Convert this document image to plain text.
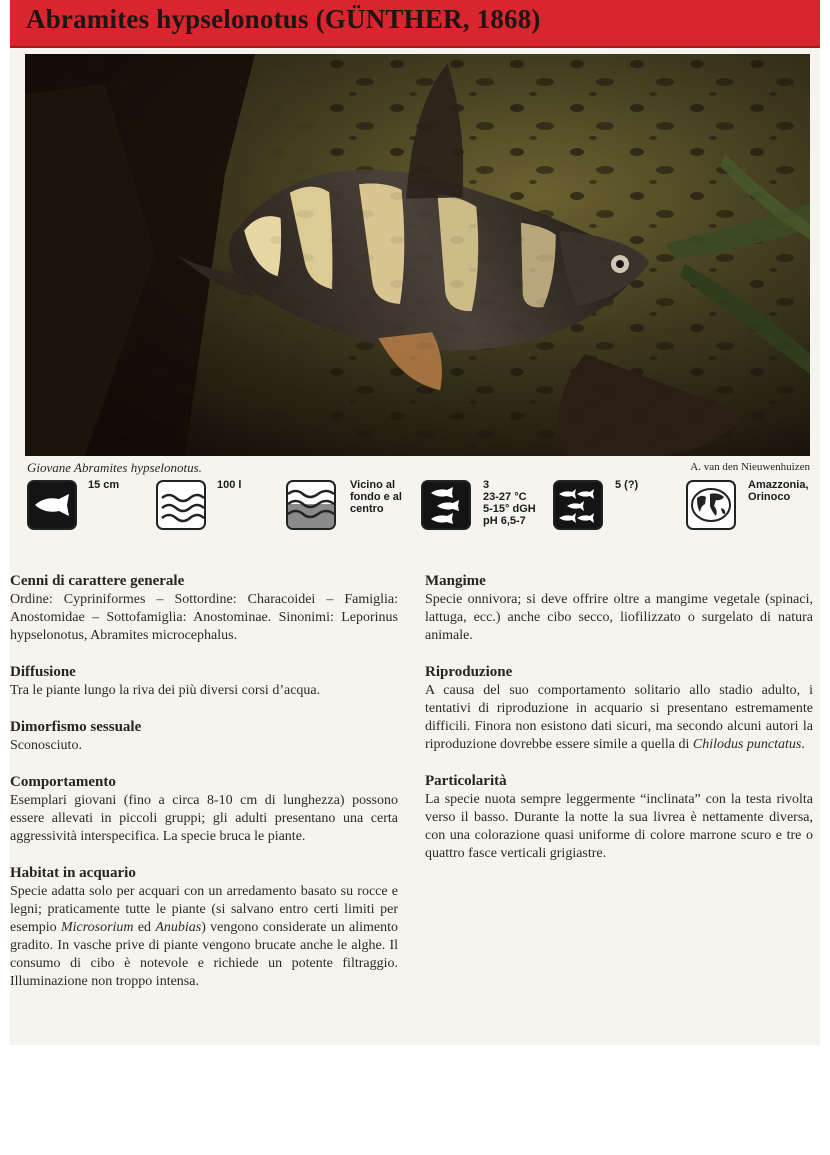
Abramites hypselonotus (GÜNTHER, 1868)
Giovane Abramites hypselonotus.	A. van den Nieuwenhuizen
15 cm	100 l	Vicino al
fondo e al
centro
3
23-27 °C
5-15° dGH
pH 6,5-7
5 (?)	Amazzonia,
Orinoco
Cenni di carattere generale
Ordine: Cypriniformes – Sottordine: Characoidei – Famiglia: Anostomidae – Sottofamiglia: Anostominae. Sinonimi: Leporinus hypselonotus, Abramites microcephalus.
Diffusione
Tra le piante lungo la riva dei più diversi corsi d’acqua.
Dimorfismo sessuale
Sconosciuto.
Comportamento
Esemplari giovani (fino a circa 8-10 cm di lunghezza) possono essere allevati in piccoli gruppi; gli adulti presentano una certa aggressività interspecifica. La specie bruca le piante.
Habitat in acquario
Specie adatta solo per acquari con un arredamento basato su rocce e legni; praticamente tutte le piante (si salvano entro certi limiti per esempio Microsorium ed Anubias) vengono considerate un alimento gradito. In vasche prive di piante vengono brucate anche le alghe. Il consumo di cibo è notevole e richiede un potente filtraggio. Illuminazione non troppo intensa.
Mangime
Specie onnivora; si deve offrire oltre a mangime vegetale (spinaci, lattuga, ecc.) anche cibo secco, liofilizzato o surgelato di natura animale.
Riproduzione
A causa del suo comportamento solitario allo stadio adulto, i tentativi di riproduzione in acquario si presentano estremamente difficili. Finora non esistono dati sicuri, ma secondo alcuni autori la riproduzione dovrebbe essere simile a quella di Chilodus punctatus.
Particolarità
La specie nuota sempre leggermente “inclinata” con la testa rivolta verso il basso. Durante la notte la sua livrea è nettamente diversa, con una colorazione quasi uniforme di colore marrone scuro e tre o quattro fasce verticali grigiastre.
